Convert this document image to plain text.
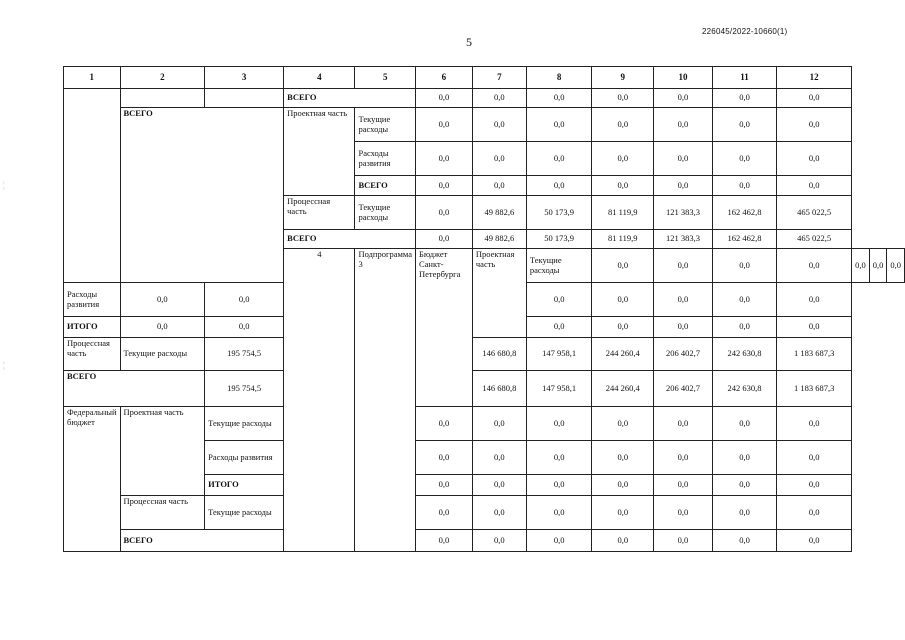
226045/2022-10660(1)
5
¦
¦
1	2	3	4	5	6	7	8	9	10	11	12			
			ВСЕГО		0,0	0,0	0,0	0,0	0,0	0,0	0,0			
	ВСЕГО		Проектная часть	Текущие расходы	0,0	0,0	0,0	0,0	0,0	0,0	0,0			
				Расходы развития	0,0	0,0	0,0	0,0	0,0	0,0	0,0			
				ВСЕГО	0,0	0,0	0,0	0,0	0,0	0,0	0,0			
			Процессная часть	Текущие расходы	0,0	49 882,6	50 173,9	81 119,9	121 383,3	162 462,8	465 022,5			
			ВСЕГО		0,0	49 882,6	50 173,9	81 119,9	121 383,3	162 462,8	465 022,5			
			4	Подпрограмма 3	Бюджет Санкт-Петербурга	Проектная часть	Текущие расходы	0,0	0,0	0,0	0,0	0,0	0,0	0,0
Расходы развития	0,0	0,0					0,0	0,0	0,0	0,0	0,0			
ИТОГО	0,0	0,0					0,0	0,0	0,0	0,0	0,0			
Процессная часть	Текущие расходы	195 754,5				146 680,8	147 958,1	244 260,4	206 402,7	242 630,8	1 183 687,3			
ВСЕГО		195 754,5				146 680,8	147 958,1	244 260,4	206 402,7	242 630,8	1 183 687,3			
Федеральный бюджет	Проектная часть	Текущие расходы			0,0	0,0	0,0	0,0	0,0	0,0	0,0			
		Расходы развития			0,0	0,0	0,0	0,0	0,0	0,0	0,0			
		ИТОГО			0,0	0,0	0,0	0,0	0,0	0,0	0,0			
	Процессная часть	Текущие расходы			0,0	0,0	0,0	0,0	0,0	0,0	0,0			
	ВСЕГО				0,0	0,0	0,0	0,0	0,0	0,0	0,0			
